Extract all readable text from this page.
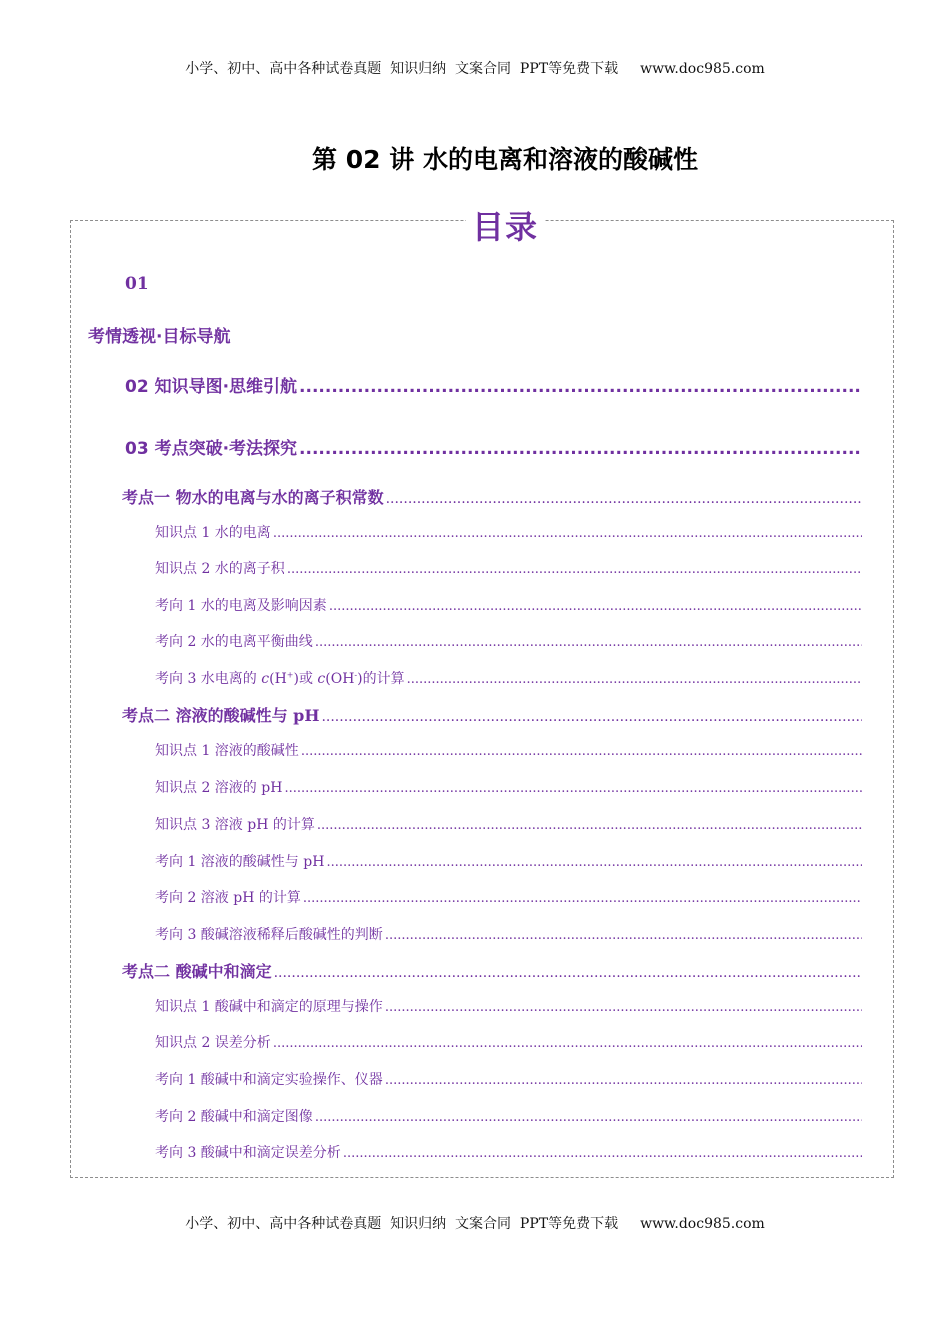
小学、初中、高中各种试卷真题  知识归纳  文案合同  PPT等免费下载 www.doc985.com
第 02 讲 水的电离和溶液的酸碱性
目录
01
考情透视·目标导航
02 知识导图·思维引航
.....
03 考点突破·考法探究
.....
考点一 物水的电离与水的离子积常数
.....
知识点 1 水的电离
.....
知识点 2 水的离子积
.....
考向 1 水的电离及影响因素
.....
考向 2 水的电离平衡曲线
.....
考向 3 水电离的 c(H+)或 c(OH-)的计算
.....
考点二 溶液的酸碱性与 pH
.....
知识点 1 溶液的酸碱性
.....
知识点 2 溶液的 pH
.....
知识点 3 溶液 pH 的计算
.....
考向 1 溶液的酸碱性与 pH
.....
考向 2 溶液 pH 的计算
.....
考向 3 酸碱溶液稀释后酸碱性的判断
.....
考点二 酸碱中和滴定
.....
知识点 1 酸碱中和滴定的原理与操作
.....
知识点 2 误差分析
.....
考向 1 酸碱中和滴定实验操作、仪器
.....
考向 2 酸碱中和滴定图像
.....
考向 3 酸碱中和滴定误差分析
.....
小学、初中、高中各种试卷真题  知识归纳  文案合同  PPT等免费下载 www.doc985.com
